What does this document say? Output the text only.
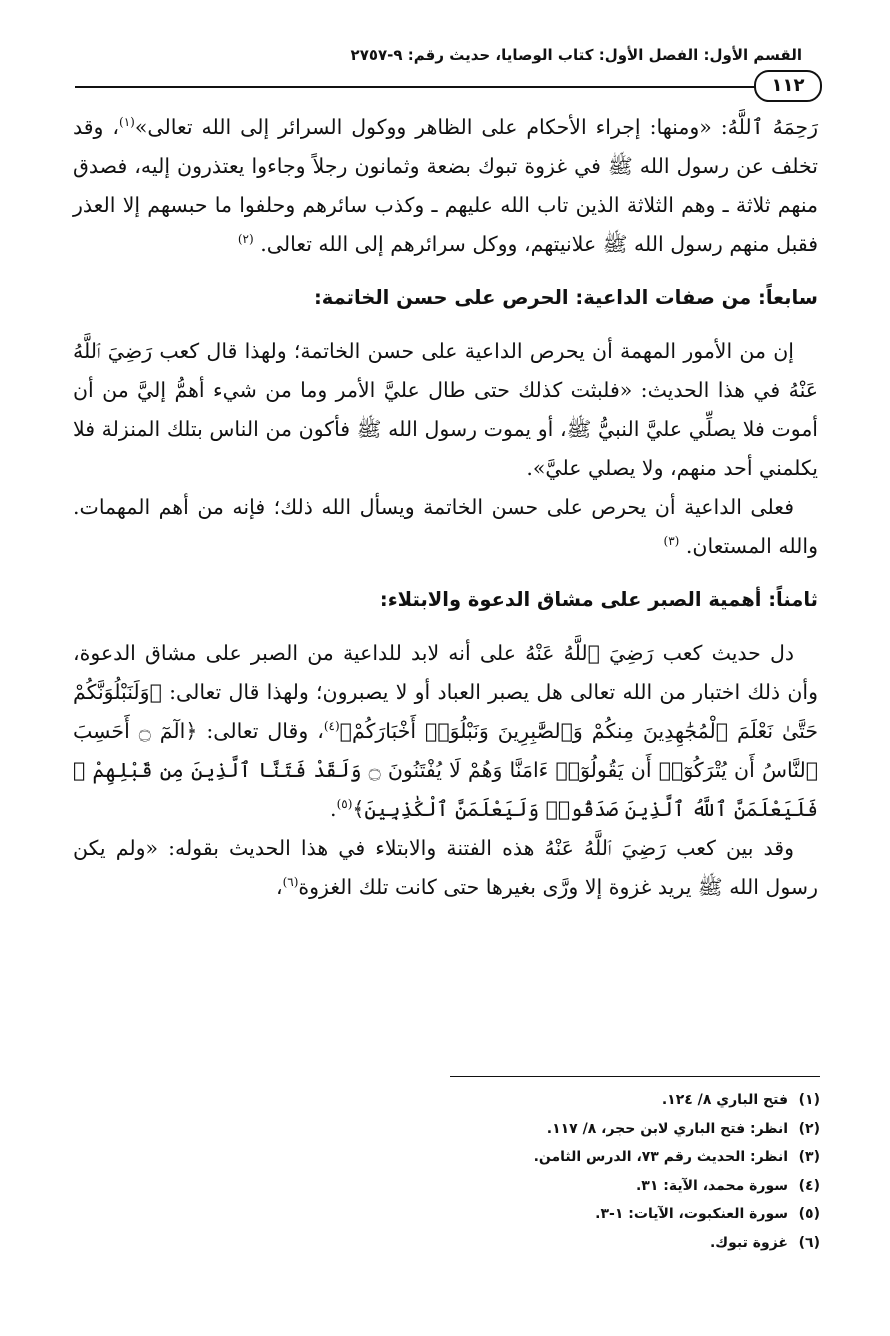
القسم الأول: الفصل الأول: كتاب الوصايا، حديث رقم: ٩-٢٧٥٧
١١٢

رَحِمَهُ ٱللَّهُ: «ومنها: إجراء الأحكام على الظاهر ووكول السرائر إلى الله تعالى»$^{(١)}$، وقد تخلف عن رسول الله ﷺ في غزوة تبوك بضعة وثمانون رجلاً وجاءوا يعتذرون إليه، فصدق منهم ثلاثة ـ وهم الثلاثة الذين تاب الله عليهم ـ وكذب سائرهم وحلفوا ما حبسهم إلا العذر فقبل منهم رسول الله ﷺ علانيتهم، ووكل سرائرهم إلى الله تعالى. $^{(٢)}$

سابعاً: من صفات الداعية: الحرص على حسن الخاتمة:

إن من الأمور المهمة أن يحرص الداعية على حسن الخاتمة؛ ولهذا قال كعب رَضِيَ ٱللَّهُ عَنْهُ في هذا الحديث: «فلبثت كذلك حتى طال عليَّ الأمر وما من شيء أهمُّ إليَّ من أن أموت فلا يصلِّي عليَّ النبيُّ ﷺ، أو يموت رسول الله ﷺ فأكون من الناس بتلك المنزلة فلا يكلمني أحد منهم، ولا يصلي عليَّ».

فعلى الداعية أن يحرص على حسن الخاتمة ويسأل الله ذلك؛ فإنه من أهم المهمات. والله المستعان. $^{(٣)}$

ثامناً: أهمية الصبر على مشاق الدعوة والابتلاء:

دل حديث كعب رَضِيَ ٱللَّهُ عَنْهُ على أنه لابد للداعية من الصبر على مشاق الدعوة، وأن ذلك اختبار من الله تعالى هل يصبر العباد أو لا يصبرون؛ ولهذا قال تعالى: ﴿وَلَنَبْلُوَنَّكُمْ حَتَّىٰ نَعْلَمَ ٱلْمُجَٰهِدِينَ مِنكُمْ وَٱلصَّٰبِرِينَ وَنَبْلُوَا۟ أَخْبَارَكُمْ﴾$^{(٤)}$، وقال تعالى: ﴿الٓمٓ ۝ أَحَسِبَ ٱلنَّاسُ أَن يُتْرَكُوٓا۟ أَن يَقُولُوٓا۟ ءَامَنَّا وَهُمْ لَا يُفْتَنُونَ ۝ وَلَقَدْ فَتَنَّا ٱلَّذِينَ مِن قَبْلِهِمْ ۖ فَلَيَعْلَمَنَّ ٱللَّهُ ٱلَّذِينَ صَدَقُوا۟ وَلَيَعْلَمَنَّ ٱلْكَٰذِبِينَ﴾$^{(٥)}$.

وقد بين كعب رَضِيَ ٱللَّهُ عَنْهُ هذه الفتنة والابتلاء في هذا الحديث بقوله: «ولم يكن رسول الله ﷺ يريد غزوة إلا ورَّى بغيرها حتى كانت تلك الغزوة$^{(٦)}$،

(١)فتح الباري ٨/ ١٢٤.
(٢)انظر: فتح الباري لابن حجر، ٨/ ١١٧.
(٣)انظر: الحديث رقم ٧٣، الدرس الثامن.
(٤)سورة محمد، الآية: ٣١.
(٥)سورة العنكبوت، الآيات: ١-٣.
(٦)غزوة تبوك.
